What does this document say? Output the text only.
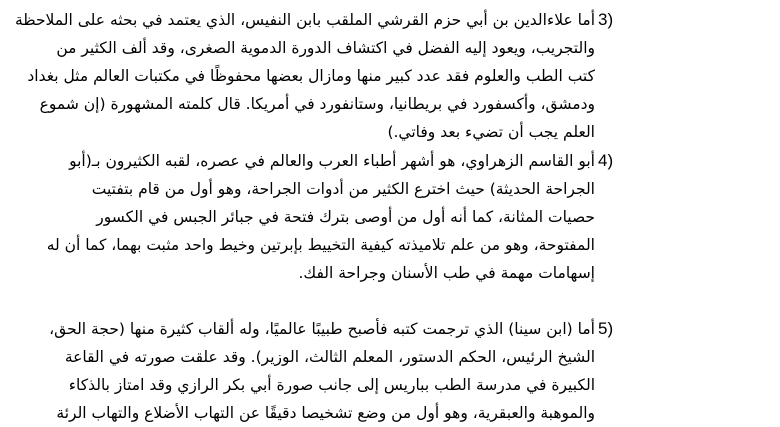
3)
أما علاءالدين بن أبي حزم القرشي الملقب بابن النفيس، الذي يعتمد في بحثه على الملاحظة
والتجريب، ويعود إليه الفضل في اكتشاف الدورة الدموية الصغرى، وقد ألف الكثير من
كتب الطب والعلوم فقد عدد كبير منها ومازال بعضها محفوظًا في مكتبات العالم مثل بغداد
ودمشق، وأكسفورد في بريطانيا، وستانفورد في أمريكا. قال كلمته المشهورة (إن شموع
العلم يجب أن تضيء بعد وفاتي.)
4)
أبو القاسم الزهراوي، هو أشهر أطباء العرب والعالم في عصره، لقبه الكثيرون بـ(أبو
الجراحة الحديثة) حيث اخترع الكثير من أدوات الجراحة، وهو أول من قام بتفتيت
حصيات المثانة، كما أنه أول من أوصى بترك فتحة في جبائر الجبس في الكسور
المفتوحة، وهو من علم تلاميذته كيفية التخييط بإبرتين وخيط واحد مثبت بهما، كما أن له
إسهامات مهمة في طب الأسنان وجراحة الفك.
5)
أما (ابن سينا) الذي ترجمت كتبه فأصبح طبيبًا عالميًا، وله ألقاب كثيرة منها (حجة الحق،
الشيخ الرئيس، الحكم الدستور، المعلم الثالث، الوزير). وقد علقت صورته في القاعة
الكبيرة في مدرسة الطب بباريس إلى جانب صورة أبي بكر الرازي وقد امتاز بالذكاء
والموهبة والعبقرية، وهو أول من وضع تشخيصا دقيقًا عن التهاب الأضلاع والتهاب الرئة
